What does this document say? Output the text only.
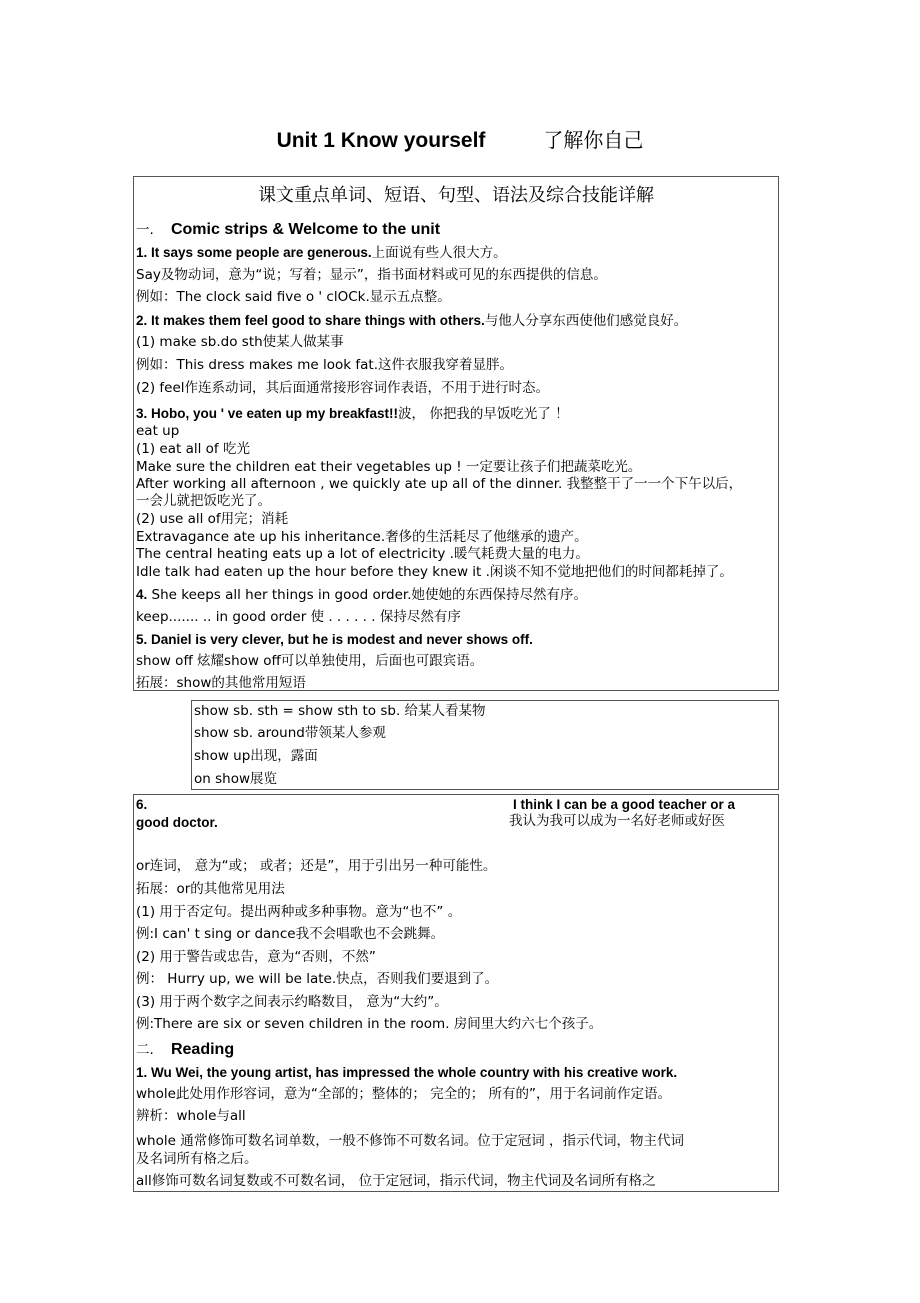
Unit 1 Know yourself	了解你自己
课文重点单词、短语、句型、语法及综合技能详解
一. Comic strips & Welcome to the unit
1. It says some people are generous.上面说有些人很大方。
Say及物动词，意为“说；写着；显示”，指书面材料或可见的东西提供的信息。
例如：The clock said five o ' clOCk.显示五点整。
2. It makes them feel good to share things with others.与他人分享东西使他们感觉良好。
(1) make sb.do sth使某人做某事
例如：This dress makes me look fat.这件衣服我穿着显胖。
(2) feel作连系动词，其后面通常接形容词作表语，不用于进行时态。
3. Hobo, you ' ve eaten up my breakfast!!波， 你把我的早饭吃光了 ！
eat up
(1) eat all of 吃光
Make sure the children eat their vegetables up ! 一定要让孩子们把蔬菜吃光。
After working all afternoon , we quickly ate up all of the dinner. 我整整干了一一个下午以后，
一会儿就把饭吃光了。
(2) use all of用完；消耗
Extravagance ate up his inheritance.奢侈的生活耗尽了他继承的遗产。
The central heating eats up a lot of electricity .暖气耗费大量的电力。
Idle talk had eaten up the hour before they knew it .闲谈不知不觉地把他们的时间都耗掉了。
4. She keeps all her things in good order.她使她的东西保持尽然有序。
keep....... .. in good order 使 . . . . . . 保持尽然有序
5. Daniel is very clever, but he is modest and never shows off.
show off 炫耀show off可以单独使用，后面也可跟宾语。
拓展：show的其他常用短语
show sb. sth = show sth to sb. 给某人看某物
show sb. around带领某人参观
show up出现，露面
on show展览
6.	I think I can be a good teacher or a
good doctor.	我认为我可以成为一名好老师或好医
or连词， 意为“或； 或者；还是”，用于引出另一种可能性。
拓展：or的其他常见用法
(1) 用于否定句。提出两种或多种事物。意为“也不” 。
例:I can' t sing or dance我不会唱歌也不会跳舞。
(2) 用于警告或忠告，意为“否则，不然”
例： Hurry up, we will be late.快点，否则我们要退到了。
(3) 用于两个数字之间表示约略数目， 意为“大约”。
例:There are six or seven children in the room. 房间里大约六七个孩子。
二. Reading
1. Wu Wei, the young artist, has impressed the whole country with his creative work.
whole此处用作形容词，意为“全部的；整体的； 完全的； 所有的”，用于名词前作定语。
辨析：whole与all
whole 通常修饰可数名词单数，一般不修饰不可数名词。位于定冠词 ，指示代词，物主代词
及名词所有格之后。
all修饰可数名词复数或不可数名词， 位于定冠词，指示代词，物主代词及名词所有格之
